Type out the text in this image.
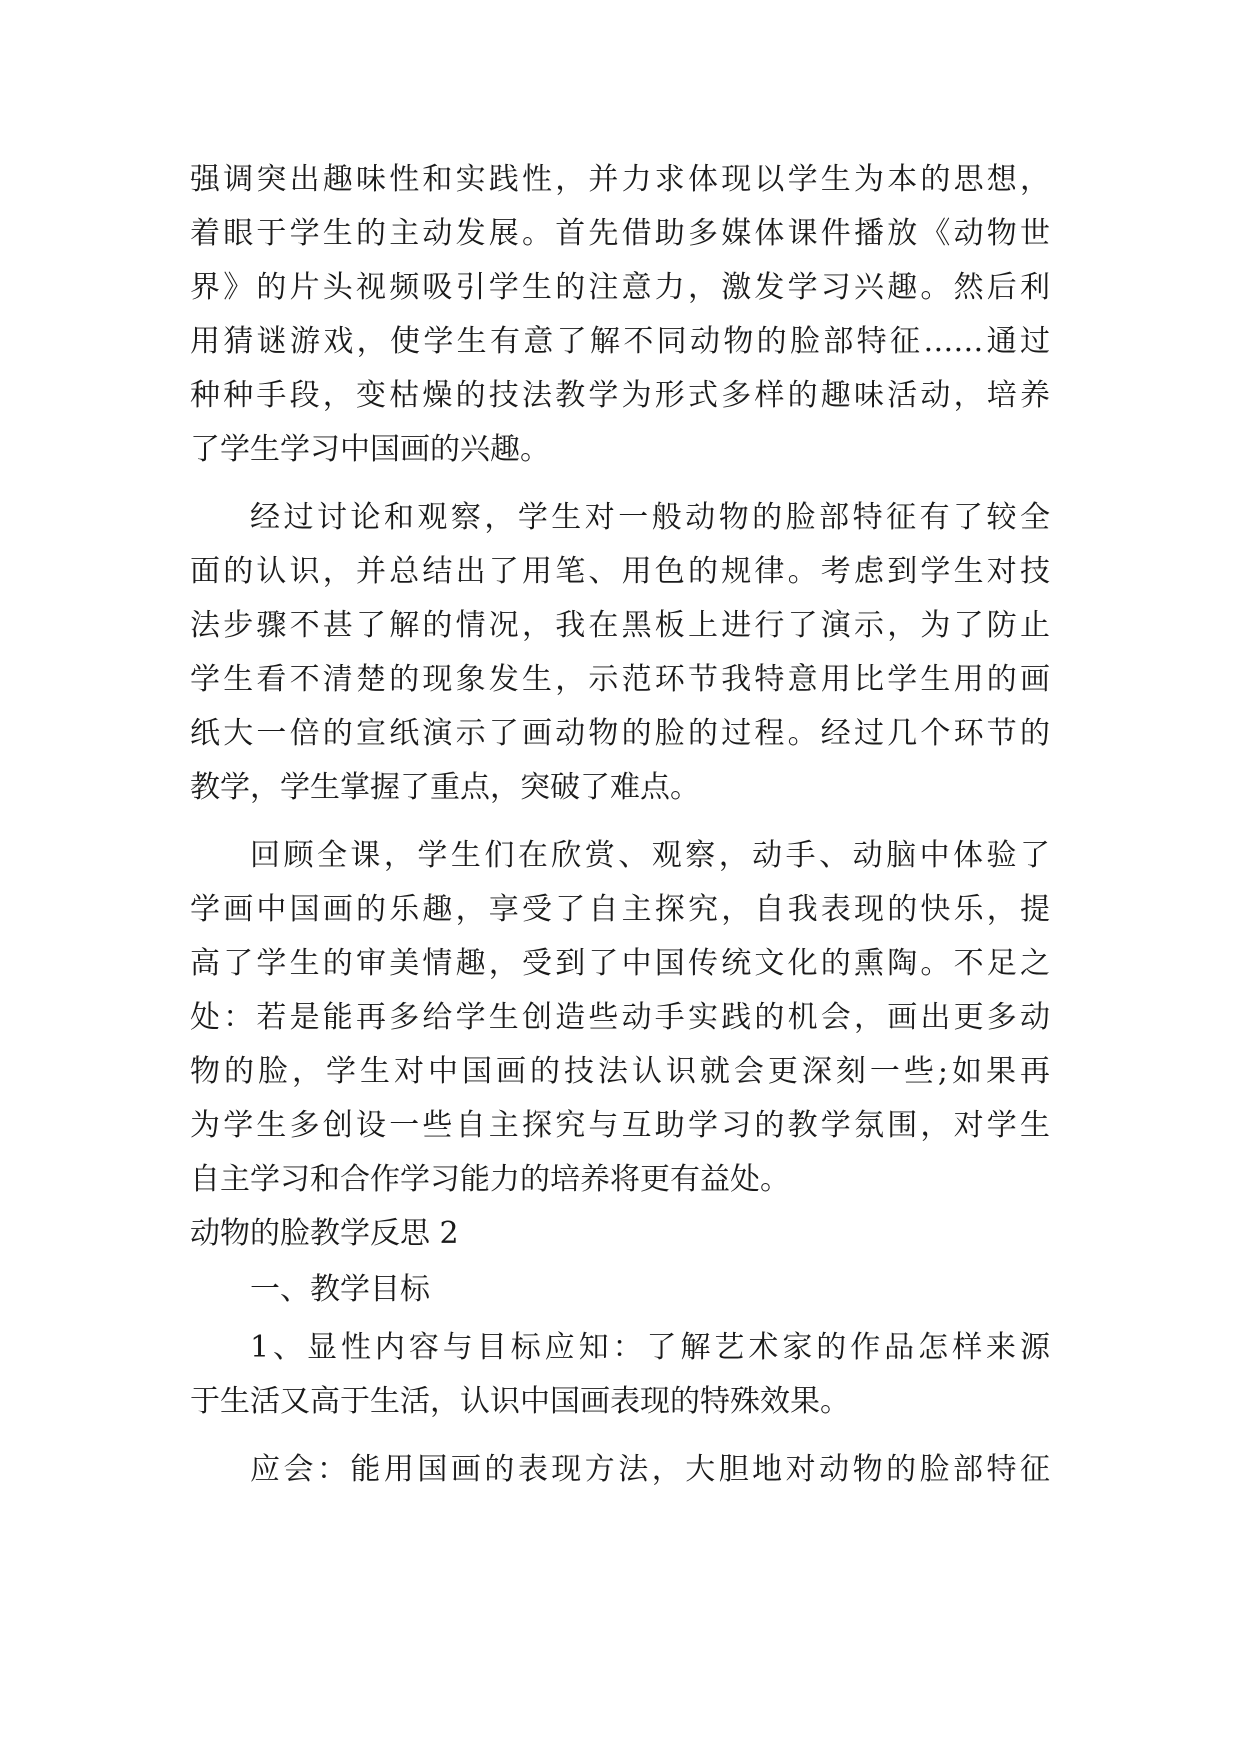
强调突出趣味性和实践性，并力求体现以学生为本的思想，
着眼于学生的主动发展。首先借助多媒体课件播放《动物世
界》的片头视频吸引学生的注意力，激发学习兴趣。然后利
用猜谜游戏，使学生有意了解不同动物的脸部特征……通过
种种手段，变枯燥的技法教学为形式多样的趣味活动，培养
了学生学习中国画的兴趣。
经过讨论和观察，学生对一般动物的脸部特征有了较全
面的认识，并总结出了用笔、用色的规律。考虑到学生对技
法步骤不甚了解的情况，我在黑板上进行了演示，为了防止
学生看不清楚的现象发生，示范环节我特意用比学生用的画
纸大一倍的宣纸演示了画动物的脸的过程。经过几个环节的
教学，学生掌握了重点，突破了难点。
回顾全课，学生们在欣赏、观察，动手、动脑中体验了
学画中国画的乐趣，享受了自主探究，自我表现的快乐，提
高了学生的审美情趣，受到了中国传统文化的熏陶。不足之
处：若是能再多给学生创造些动手实践的机会，画出更多动
物的脸，学生对中国画的技法认识就会更深刻一些;如果再
为学生多创设一些自主探究与互助学习的教学氛围，对学生
自主学习和合作学习能力的培养将更有益处。
动物的脸教学反思 2
一、教学目标
1、显性内容与目标应知：了解艺术家的作品怎样来源
于生活又高于生活，认识中国画表现的特殊效果。
应会：能用国画的表现方法，大胆地对动物的脸部特征
